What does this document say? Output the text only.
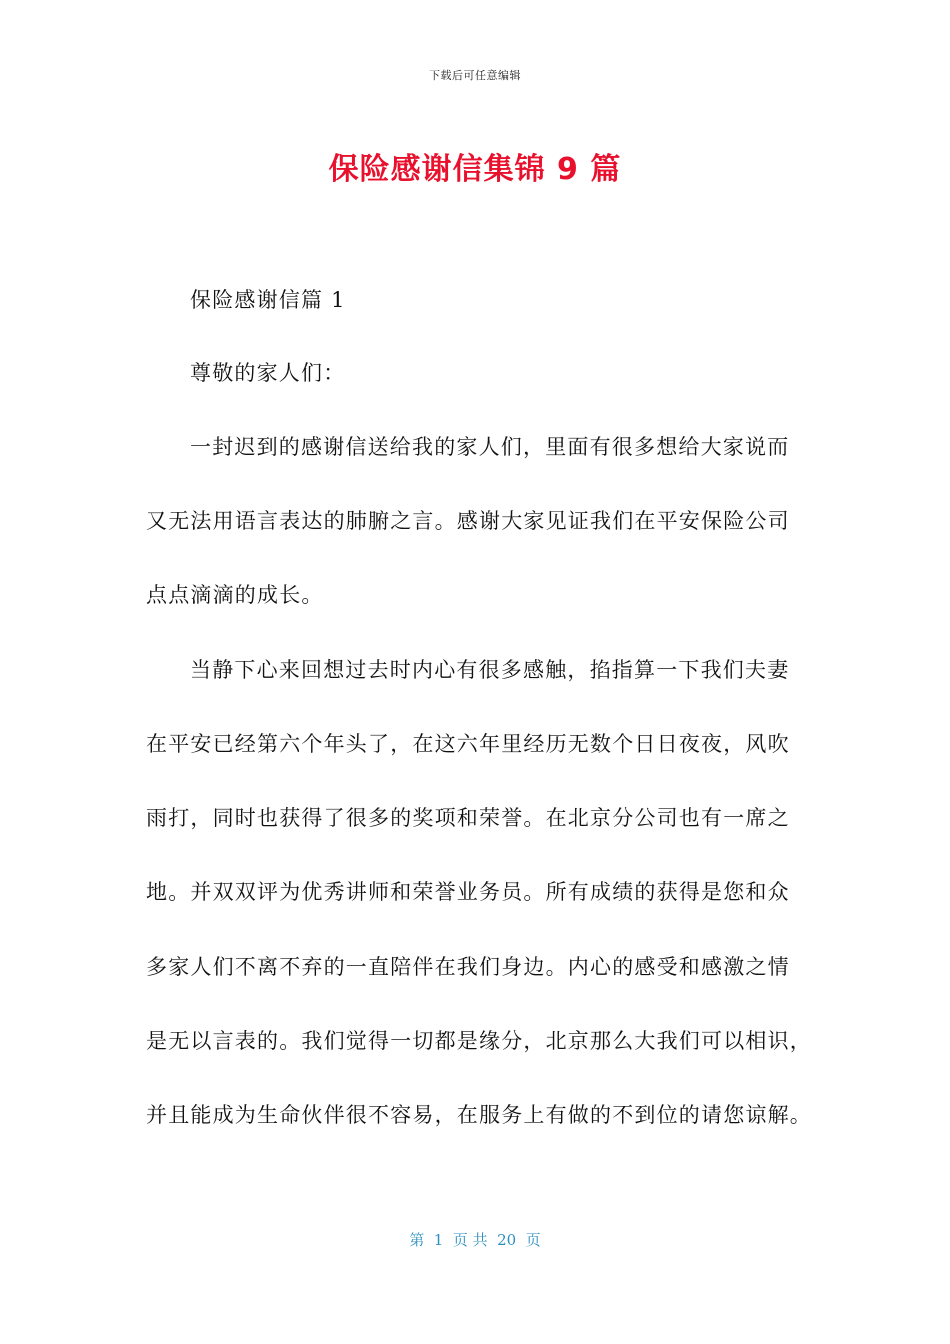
下载后可任意编辑
保险感谢信集锦 9 篇
保险感谢信篇 1
尊敬的家人们：
一封迟到的感谢信送给我的家人们，里面有很多想给大家说而
又无法用语言表达的肺腑之言。感谢大家见证我们在平安保险公司
点点滴滴的成长。
当静下心来回想过去时内心有很多感触，掐指算一下我们夫妻
在平安已经第六个年头了，在这六年里经历无数个日日夜夜，风吹
雨打，同时也获得了很多的奖项和荣誉。在北京分公司也有一席之
地。并双双评为优秀讲师和荣誉业务员。所有成绩的获得是您和众
多家人们不离不弃的一直陪伴在我们身边。内心的感受和感激之情
是无以言表的。我们觉得一切都是缘分，北京那么大我们可以相识，
并且能成为生命伙伴很不容易，在服务上有做的不到位的请您谅解。
第  1  页 共  20  页
